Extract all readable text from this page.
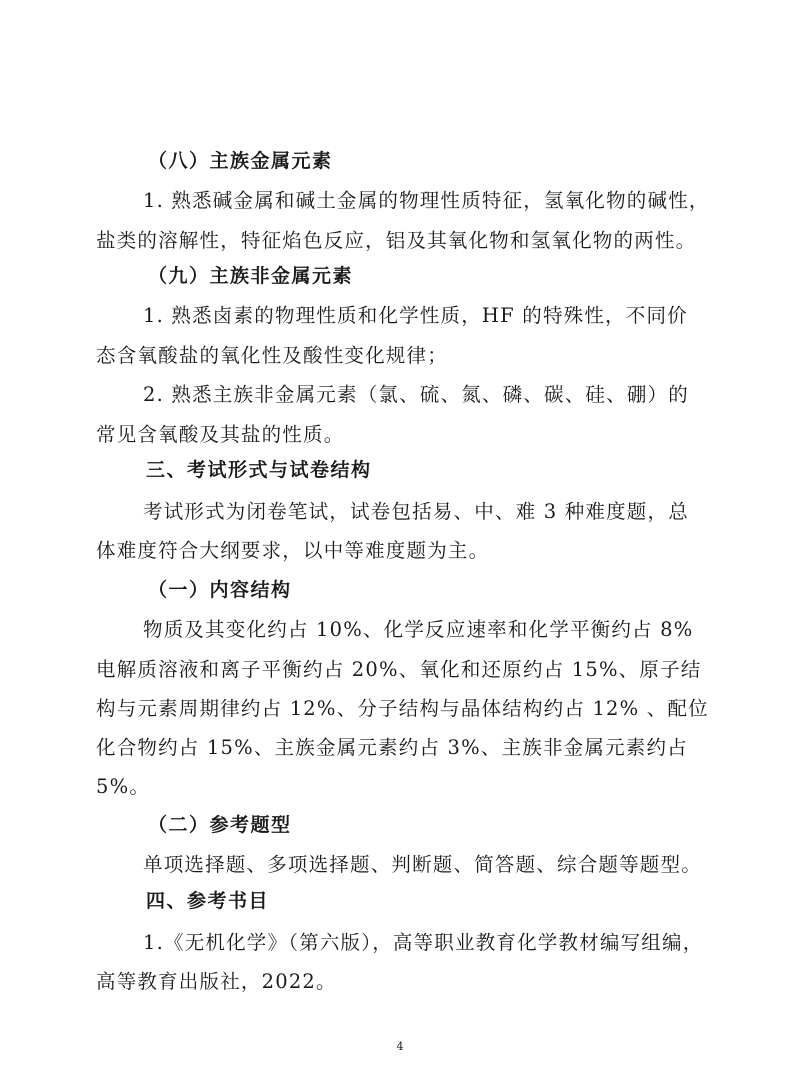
（八）主族金属元素
1. 熟悉碱金属和碱土金属的物理性质特征，氢氧化物的碱性，
盐类的溶解性，特征焰色反应，铝及其氧化物和氢氧化物的两性。
（九）主族非金属元素
1. 熟悉卤素的物理性质和化学性质，HF 的特殊性，不同价
态含氧酸盐的氧化性及酸性变化规律；
2. 熟悉主族非金属元素（氯、硫、氮、磷、碳、硅、硼）的
常见含氧酸及其盐的性质。
三、考试形式与试卷结构
考试形式为闭卷笔试，试卷包括易、中、难 3 种难度题，总
体难度符合大纲要求，以中等难度题为主。
（一）内容结构
物质及其变化约占 10%、化学反应速率和化学平衡约占 8%
电解质溶液和离子平衡约占 20%、氧化和还原约占 15%、原子结
构与元素周期律约占 12%、分子结构与晶体结构约占 12% 、配位
化合物约占 15%、主族金属元素约占 3%、主族非金属元素约占
5%。
（二）参考题型
单项选择题、多项选择题、判断题、简答题、综合题等题型。
四、参考书目
1.《无机化学》（第六版），高等职业教育化学教材编写组编，
高等教育出版社，2022。
4
